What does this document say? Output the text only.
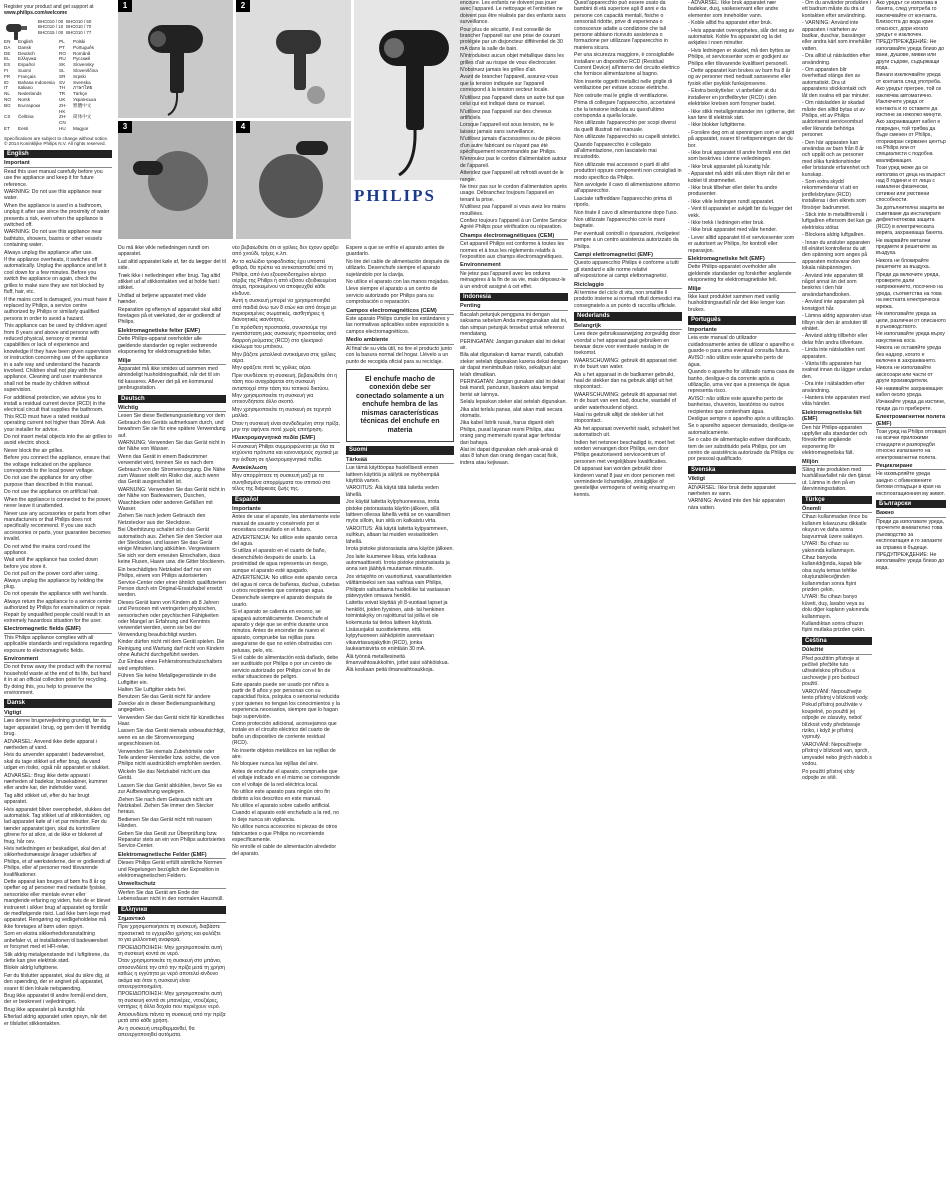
Register your product and get support at
www.philips.com/welcome
BHC010 / 00
BHC010 / 10
BHC015 / 00
BHC010 / 50
BHC010 / 70
BHC010 / 77
EN	English	PL	Polski
DA	Dansk	PT	Português
DE	Deutsch	RO	Română
EL	Ελληνικα	RU	Русский
ES	Español	SK	Slovensky
FI	Suomi	SL	Slovenščina
FR	Français	SR	Srpski
ID	Bahasa Indonesia SV	Svenska
IT	Italiano	TH	ภาษาไทย
NL	Nederlands	TR	Türkçe
NO	Norsk	UK	Українська
BG	Български	ZH-HK
繁體中文
CS	Čeština	ZH-CN
简体中文
ET	Eesti	HU	Magyar
Specifications are subject to change without notice. © 2014 Koninklijke Philips N.V. All rights reserved.
English
Important

Read this user manual carefully before you use the appliance and keep it for future reference.

WARNING: Do not use this appliance near water.

When the appliance is used in a bathroom, unplug it after use since the proximity of water presents a risk, even when the appliance is switched off.

WARNING: Do not use this appliance near bathtubs, showers, basins or other vessels containing water.

Always unplug the appliance after use.

If the appliance overheats, it switches off automatically. Unplug the appliance and let it cool down for a few minutes. Before you switch the appliance on again, check the grilles to make sure they are not blocked by fluff, hair, etc.

If the mains cord is damaged, you must have it replaced by Philips, a service centre authorized by Philips or similarly qualified persons in order to avoid a hazard.

This appliance can be used by children aged from 8 years and above and persons with reduced physical, sensory or mental capabilities or lack of experience and knowledge if they have been given supervision or instruction concerning use of the appliance in a safe way and understand the hazards involved. Children shall not play with the appliance. Cleaning and user maintenance shall not be made by children without supervision.

For additional protection, we advise you to install a residual current device (RCD) in the electrical circuit that supplies the bathroom. This RCD must have a rated residual operating current not higher than 30mA. Ask your installer for advice.

Do not insert metal objects into the air grilles to avoid electric shock.

Never block the air grilles.

Before you connect the appliance, ensure that the voltage indicated on the appliance corresponds to the local power voltage.

Do not use the appliance for any other purpose than described in this manual.

Do not use the appliance on artificial hair.

When the appliance is connected to the power, never leave it unattended.

Never use any accessories or parts from other manufacturers or that Philips does not specifically recommend. If you use such accessories or parts, your guarantee becomes invalid.

Do not wind the mains cord round the appliance.

Wait until the appliance has cooled down before you store it.

Do not pull on the power cord after using. Always unplug the appliance by holding the plug.

Do not operate the appliance with wet hands.

Always return the appliance to a service centre authorized by Philips for examination or repair. Repair by unqualified people could result in an extremely hazardous situation for the user.

Electromagnetic fields (EMF)

This Philips appliance complies with all applicable standards and regulations regarding exposure to electromagnetic fields.

Environment

Do not throw away the product with the normal household waste at the end of its life, but hand it in at an official collection point for recycling. By doing this, you help to preserve the environment.

Dansk
Vigtigt

Læs denne brugervejledning grundigt, før du tager apparatet i brug, og gem den til fremtidig brug.

ADVARSEL: Anvend ikke dette apparat i nærheden af vand.

Hvis du anvender apparatet i badeværelset, skal du tage stikket ud efter brug, da vand udgør en risiko, også når apparatet er slukket.

ADVARSEL: Brug ikke dette apparat i nærheden af badekar, brusekabiner, kummer eller andre kar, der indeholder vand.

Tag altid stikket ud, efter du har brugt apparatet.

Hvis apparatet bliver overophedet, slukkes det automatisk. Tag stikket ud af stikkontakten, og lad apparatet køle af i et par minutter. Før du tænder apparatet igen, skal du kontrollere gitrene for at sikre, at de ikke er blokeret af fnug, hår osv.

Hvis netledningen er beskadiget, skal den af sikkerhedsmæssige årsager udskiftes af Philips, et af værkstederne, der er godkendt af Philips, eller af personer med tilsvarende kvalifikationer.

Dette apparat kan bruges af børn fra 8 år og opefter og af personer med nedsatte fysiske, sensoriske eller mentale evner eller manglende erfaring og viden, hvis de er blevet instrueret i sikker brug af apparatet og forstår de medfølgende risici. Lad ikke børn lege med apparatet. Rengøring og vedligeholdelse må ikke foretages af børn uden opsyn.

Som en ekstra sikkerhedsforanstaltning anbefaler vi, at installationen til badeværelset er forsynet med et HFI-relæ.

Stik aldrig metalgenstande ind i luftgitrene, da dette kan give elektrisk stød.

Blokér aldrig luftgitrene.

Før du tilslutter apparatet, skal du sikre dig, at den spænding, der er angivet på apparatet, svarer til den lokale netspænding.

Brug ikke apparatet til andre formål end dem, der er beskrevet i vejledningen.

Brug ikke apparatet på kunstigt hår.

Efterlad aldrig apparatet uden opsyn, når det er tilsluttet stikkontakten.

1	2
3	4
PHILIPS

Du må ikke vikle netledningen rundt om apparatet.

Lad altid apparatet køle af, før du lægger det til side.

Træk ikke i netledningen efter brug. Tag altid stikket ud af stikkontakten ved at holde fast i stikket.

Undlad at betjene apparatet med våde hænder.

Reparation og eftersyn af apparatet skal altid foretages på et værksted, der er godkendt af Philips.

Elektromagnetiske felter (EMF)

Dette Philips-apparat overholder alle gældende standarder og regler vedrørende eksponering for elektromagnetiske felter.

Miljø

Apparatet må ikke smides ud sammen med almindeligt husholdningsaffald, når det til sin tid kasseres. Aflever det på en kommunal genbrugsstation.

Deutsch
Wichtig

Lesen Sie diese Bedienungsanleitung vor dem Gebrauch des Geräts aufmerksam durch, und bewahren Sie sie für eine spätere Verwendung auf.

WARNUNG: Verwenden Sie das Gerät nicht in der Nähe von Wasser.

Wenn das Gerät in einem Badezimmer verwendet wird, trennen Sie es nach dem Gebrauch von der Stromversorgung. Die Nähe zum Wasser stellt ein Risiko dar, auch wenn das Gerät ausgeschaltet ist.

WARNUNG: Verwenden Sie das Gerät nicht in der Nähe von Badewannen, Duschen, Waschbecken oder anderen Gefäßen mit Wasser.

Ziehen Sie nach jedem Gebrauch den Netzstecker aus der Steckdose.

Bei Überhitzung schaltet sich das Gerät automatisch aus. Ziehen Sie den Stecker aus der Steckdose, und lassen Sie das Gerät einige Minuten lang abkühlen. Vergewissern Sie sich vor dem erneuten Einschalten, dass keine Flusen, Haare usw. die Gitter blockieren.

Ein beschädigtes Netzkabel darf nur von Philips, einem von Philips autorisierten Service-Center oder einer ähnlich qualifizierten Person durch ein Original-Ersatzkabel ersetzt werden.

Dieses Gerät kann von Kindern ab 8 Jahren und Personen mit verringerten physischen, sensorischen oder psychischen Fähigkeiten oder Mangel an Erfahrung und Kenntnis verwendet werden, wenn sie bei der Verwendung beaufsichtigt wurden.

Kinder dürfen nicht mit dem Gerät spielen. Die Reinigung und Wartung darf nicht von Kindern ohne Aufsicht durchgeführt werden.

Zur Einbau eines Fehlerstromschutzschalters wird empfohlen.

Führen Sie keine Metallgegenstände in die Luftgitter ein.

Halten Sie Luftgitter stets frei.

Benutzen Sie das Gerät nicht für andere Zwecke als in dieser Bedienungsanleitung angegeben.

Verwenden Sie das Gerät nicht für künstliches Haar.

Lassen Sie das Gerät niemals unbeaufsichtigt, wenn es an die Stromversorgung angeschlossen ist.

Verwenden Sie niemals Zubehörteile oder Teile anderer Hersteller bzw. solche, die von Philips nicht ausdrücklich empfohlen werden.

Wickeln Sie das Netzkabel nicht um das Gerät.

Lassen Sie das Gerät abkühlen, bevor Sie es zur Aufbewahrung weglegen.

Ziehen Sie nach dem Gebrauch nicht am Netzkabel. Ziehen Sie immer den Stecker heraus.

Bedienen Sie das Gerät nicht mit nassen Händen.

Geben Sie das Gerät zur Überprüfung bzw. Reparatur stets an ein von Philips autorisiertes Service-Center.

Elektromagnetische Felder (EMF)

Dieses Philips Gerät erfüllt sämtliche Normen und Regelungen bezüglich der Exposition in elektromagnetischen Feldern.

Umweltschutz

Werfen Sie das Gerät am Ende der Lebensdauer nicht in den normalen Hausmüll.

Ελληνικα
Σημαντικό

Πριν χρησιμοποιήσετε τη συσκευή, διαβάστε προσεκτικά το εγχειρίδιο χρήσης και φυλάξτε το για μελλοντική αναφορά.

ΠΡΟΕΙΔΟΠΟΙΗΣΗ: Μην χρησιμοποιείτε αυτή τη συσκευή κοντά σε νερό.

Όταν χρησιμοποιείτε τη συσκευή στο μπάνιο, αποσυνδέετέ την από την πρίζα μετά τη χρήση καθώς η εγγύτητα με νερό αποτελεί κίνδυνο ακόμα και όταν η συσκευή είναι απενεργοποιημένη.

ΠΡΟΕΙΔΟΠΟΙΗΣΗ: Μην χρησιμοποιείτε αυτή τη συσκευή κοντά σε μπανιέρες, ντουζιέρες, νιπτήρες ή άλλα δοχεία που περιέχουν νερό.

Αποσυνδέετε πάντα τη συσκευή από την πρίζα μετά από κάθε χρήση.

Αν η συσκευή υπερθερμανθεί, θα απενεργοποιηθεί αυτόματα.

νέο βεβαιωθείτε ότι οι γρίλιες δεν έχουν φράξει από χνούδι, τρίχες κ.λπ.

Αν το καλώδιο τροφοδοσίας έχει υποστεί φθορά, θα πρέπει να αντικατασταθεί από τη Philips, από ένα εξουσιοδοτημένο κέντρο σέρβις της Philips ή από εξίσου εξειδικευμένα άτομα, προκειμένου να αποφευχθεί κάθε κίνδυνο.

Αυτή η συσκευή μπορεί να χρησιμοποιηθεί από παιδιά άνω των 8 ετών και από άτομα με περιορισμένες σωματικές, αισθητήριες ή διανοητικές ικανότητες.

Για πρόσθετη προστασία, συνιστούμε την εγκατάσταση μιας συσκευής προστασίας από διαρροή ρεύματος (RCD) στο ηλεκτρικό κύκλωμα του μπάνιου.

Μην βάζετε μεταλλικά αντικείμενα στις γρίλιες αέρα.

Μην φράζετε ποτέ τις γρίλιες αέρα.

Πριν συνδέσετε τη συσκευή, βεβαιωθείτε ότι η τάση που αναγράφεται στη συσκευή αντιστοιχεί στην τάση του τοπικού δικτύου.

Μην χρησιμοποιείτε τη συσκευή για οποιονδήποτε άλλο σκοπό.

Μην χρησιμοποιείτε τη συσκευή σε τεχνητά μαλλιά.

Όταν η συσκευή είναι συνδεδεμένη στην πρίζα, μην την αφήνετε ποτέ χωρίς επιτήρηση.

Ηλεκτρομαγνητικά πεδία (EMF)

Η συσκευή Philips συμμορφώνεται με όλα τα ισχύοντα πρότυπα και κανονισμούς σχετικά με την έκθεση σε ηλεκτρομαγνητικά πεδία.

Ανακύκλωση

Μην απορρίπτετε τη συσκευή μαζί με τα συνηθισμένα απορρίμματα του σπιτιού στο τέλος της διάρκειας ζωής της.

Español
Importante

Antes de usar el aparato, lea atentamente este manual de usuario y consérvelo por si necesitara consultarlo en el futuro.

ADVERTENCIA: No utilice este aparato cerca del agua.

Si utiliza el aparato en el cuarto de baño, desenchúfelo después de usarlo. La proximidad de agua representa un riesgo, aunque el aparato esté apagado.

ADVERTENCIA: No utilice este aparato cerca del agua ni cerca de bañeras, duchas, cubetas u otros recipientes que contengan agua.

Desenchufe siempre el aparato después de usarlo.

Si el aparato se calienta en exceso, se apagará automáticamente. Desenchufe el aparato y deje que se enfríe durante unos minutos. Antes de encender de nuevo el aparato, compruebe las rejillas para asegurarse de que no estén obstruidas con pelusas, pelo, etc.

Si el cable de alimentación está dañado, debe ser sustituido por Philips o por un centro de servicio autorizado por Philips con el fin de evitar situaciones de peligro.

Este aparato puede ser usado por niños a partir de 8 años y por personas con su capacidad física, psíquica o sensorial reducida y por quienes no tengan los conocimientos y la experiencia necesarios, siempre que lo hagan bajo supervisión.

Como protección adicional, aconsejamos que instale en el circuito eléctrico del cuarto de baño un dispositivo de corriente residual (RCD).

No inserte objetos metálicos en las rejillas de aire.

No bloquee nunca las rejillas del aire.

Antes de enchufar el aparato, compruebe que el voltaje indicado en el mismo se corresponde con el voltaje de la red eléctrica local.

No utilice este aparato para ningún otro fin distinto a los descritos en este manual.

No utilice el aparato sobre cabello artificial.

Cuando el aparato esté enchufado a la red, no lo deje nunca sin vigilancia.

No utilice nunca accesorios ni piezas de otros fabricantes o que Philips no recomiende específicamente.

No enrolle el cable de alimentación alrededor del aparato.

Espere a que se enfríe el aparato antes de guardarlo.

No tire del cable de alimentación después de utilizarlo. Desenchufe siempre el aparato sujetándolo por la clavija.

No utilice el aparato con las manos mojadas.

Lleve siempre el aparato a un centro de servicio autorizado por Philips para su comprobación o reparación.

Campos electromagnéticos (CEM)

Este aparato Philips cumple los estándares y las normativas aplicables sobre exposición a campos electromagnéticos.

Medio ambiente

Al final de su vida útil, no tire el producto junto con la basura normal del hogar. Llévelo a un punto de recogida oficial para su reciclaje.

El enchufe macho de conexión debe ser conectado solamente a un enchufe hembra de las mismas características técnicas del enchufe en materia
Suomi
Tärkeää

Lue tämä käyttöopas huolellisesti ennen laitteen käyttöä ja säilytä se myöhempää käyttöä varten.

VAROITUS: Älä käytä tätä laitetta veden lähellä.

Jos käytät laitetta kylpyhuoneessa, irrota pistoke pistorasiasta käytön jälkeen, sillä laitteen ollessa lähellä vettä se on vaarallinen myös silloin, kun siitä on katkaistu virta.

VAROITUS: Älä käytä laitetta kylpyammeen, suihkun, altaan tai muiden vesiastioiden lähellä.

Irrota pistoke pistorasiasta aina käytön jälkeen.

Jos laite kuumenee liikaa, virta katkeaa automaattisesti. Irrota pistoke pistorasiasta ja anna sen jäähtyä muutaman minuutin.

Jos virtajohto on vaurioitunut, vaaratilanteiden välttämiseksi sen saa vaihtaa vain Philips, Philipsin valtuuttama huoltoliike tai vastaavan pätevyyden omaava henkilö.

Laitetta voivat käyttää yli 8-vuotiaat lapset ja henkilöt, joiden fyysinen, aisti- tai henkinen toimintakyky on rajoittunut tai joilla ei ole kokemusta tai tietoa laitteen käytöstä.

Lisäsuojaksi suosittelemme, että kylpyhuoneen sähköpiiriin asennetaan vikavirtasuojakytkin (RCD), jonka laukeamisvirta on enintään 30 mA.

Älä työnnä metalliesineitä ilmanvaihtoaukkoihin, jottet saisi sähköiskua.

Älä koskaan peitä ilmanvaihtoaukkoja.

encoure. Les enfants ne doivent pas jouer avec l'appareil. Le nettoyage et l'entretien ne doivent pas être réalisés par des enfants sans surveillance.

Pour plus de sécurité, il est conseillé de brancher l'appareil sur une prise de courant protégée par un disjoncteur différentiel de 30 mA dans la salle de bain.

N'introduisez aucun objet métallique dans les grilles d'air au risque de vous électrocuter.

N'obstruez jamais les grilles d'air.

Avant de brancher l'appareil, assurez-vous que la tension indiquée sur l'appareil correspond à la tension secteur locale.

N'utilisez pas l'appareil dans un autre but que celui qui est indiqué dans ce manuel.

N'utilisez pas l'appareil sur des cheveux artificiels.

Lorsque l'appareil est sous tension, ne le laissez jamais sans surveillance.

N'utilisez jamais d'accessoires ou de pièces d'un autre fabricant ou n'ayant pas été spécifiquement recommandés par Philips.

N'enroulez pas le cordon d'alimentation autour de l'appareil.

Attendez que l'appareil ait refroidi avant de le ranger.

Ne tirez pas sur le cordon d'alimentation après usage. Débranchez toujours l'appareil en tenant la prise.

N'utilisez pas l'appareil si vous avez les mains mouillées.

Confiez toujours l'appareil à un Centre Service Agréé Philips pour vérification ou réparation.

Champs électromagnétiques (CEM)

Cet appareil Philips est conforme à toutes les normes et à tous les règlements relatifs à l'exposition aux champs électromagnétiques.

Environnement

Ne jetez pas l'appareil avec les ordures ménagères à la fin de sa vie, mais déposez-le à un endroit assigné à cet effet.

Indonesia
Penting

Bacalah petunjuk pengguna ini dengan saksama sebelum Anda menggunakan alat ini, dan simpan petunjuk tersebut untuk referensi mendatang.

PERINGATAN: Jangan gunakan alat ini dekat air.

Bila alat digunakan di kamar mandi, cabutlah steker setelah digunakan karena dekat dengan air dapat menimbulkan risiko, sekalipun alat telah dimatikan.

PERINGATAN: Jangan gunakan alat ini dekat bak mandi, pancuran, baskom atau tempat berisi air lainnya.

Selalu lepaskan steker alat setelah digunakan.

Jika alat terlalu panas, alat akan mati secara otomatis.

Jika kabel listrik rusak, harus diganti oleh Philips, pusat layanan resmi Philips, atau orang yang memenuhi syarat agar terhindar dari bahaya.

Alat ini dapat digunakan oleh anak-anak di atas 8 tahun dan orang dengan cacat fisik, indera atau kejiwaan.

Quest'apparecchio può essere usato da bambini di età superiore agli 8 anni e da persone con capacità mentali, fisiche o sensoriali ridotte, prive di esperienza o conoscenze adatte a condizione che tali persone abbiano ricevuto assistenza o formazione per utilizzare l'apparecchio in maniera sicura.

Per una sicurezza maggiore, è consigliabile installare un dispositivo RCD (Residual Current Device) all'interno del circuito elettrico che fornisce alimentazione al bagno.

Non inserite oggetti metallici nelle griglie di ventilazione per evitare scosse elettriche.

Non ostruite mai le griglie di ventilazione.

Prima di collegare l'apparecchio, accertatevi che la tensione indicata su quest'ultimo corrisponda a quella locale.

Non utilizzate l'apparecchio per scopi diversi da quelli illustrati nel manuale.

Non utilizzate l'apparecchio su capelli sintetici.

Quando l'apparecchio è collegato all'alimentazione, non lasciatelo mai incustodito.

Non utilizzate mai accessori o parti di altri produttori oppure componenti non consigliati in modo specifico da Philips.

Non avvolgete il cavo di alimentazione attorno all'apparecchio.

Lasciate raffreddare l'apparecchio prima di riporlo.

Non tirate il cavo di alimentazione dopo l'uso.

Non utilizzate l'apparecchio con le mani bagnate.

Per eventuali controlli o riparazioni, rivolgetevi sempre a un centro assistenza autorizzato da Philips.

Campi elettromagnetici (EMF)

Questo apparecchio Philips è conforme a tutti gli standard e alle norme relativi all'esposizione ai campi elettromagnetici.

Riciclaggio

Al termine del ciclo di vita, non smaltite il prodotto insieme ai normali rifiuti domestici ma consegnatelo a un punto di raccolta ufficiale.

Nederlands
Belangrijk

Lees deze gebruiksaanwijzing zorgvuldig door voordat u het apparaat gaat gebruiken en bewaar deze voor eventuele naslag in de toekomst.

WAARSCHUWING: gebruik dit apparaat niet in de buurt van water.

Als u het apparaat in de badkamer gebruikt, haal de stekker dan na gebruik altijd uit het stopcontact.

WAARSCHUWING: gebruik dit apparaat niet in de buurt van een bad, douche, wastafel of ander waterhoudend object.

Haal na gebruik altijd de stekker uit het stopcontact.

Als het apparaat oververhit raakt, schakelt het automatisch uit.

Indien het netsnoer beschadigd is, moet het worden vervangen door Philips, een door Philips geautoriseerd servicecentrum of personen met vergelijkbare kwalificaties.

Dit apparaat kan worden gebruikt door kinderen vanaf 8 jaar en door personen met verminderde lichamelijke, zintuiglijke of geestelijke vermogens of weinig ervaring en kennis.

- ADVARSEL: Ikke bruk apparatet nær badekar, dusj, vaskeservant eller andre elementer som inneholder vann.

- Koble alltid fra apparatet etter bruk.

- Hvis apparatet overopphetes, slår det seg av automatisk. Koble fra apparatet og la det avkjøles i noen minutter.

- Hvis ledningen er skadet, må den byttes av Philips, et servicesenter som er godkjent av Philips eller tilsvarende kvalifisert personell.

- Dette apparatet kan brukes av barn fra 8 år og av personer med nedsatt sanseevne eller fysisk eller psykisk funksjonsevne.

- Ekstra beskyttelse: vi anbefaler at du installerer en jordfeilbryter (RCD) i den elektriske kretsen som forsyner badet.

- Ikke stikk metallgjenstander inn i gitterne, det kan føre til elektrisk støt.

- Ikke blokker luftgitterne.

- Forsikre deg om at spenningen som er angitt på apparatet, svarer til nettspenningen der du bor.

- Ikke bruk apparatet til andre formål enn det som beskrives i denne veiledningen.

- Ikke bruk apparatet på kunstig hår.

- Apparatet må aldri stå uten tilsyn når det er koblet til strømnettet.

- Ikke bruk tilbehør eller deler fra andre produsenter.

- Ikke vikle ledningen rundt apparatet.

- Vent til apparatet er avkjølt før du legger det vekk.

- Ikke trekk i ledningen etter bruk.

- Ikke bruk apparatet med våte hender.

- Lever alltid apparatet til et servicesenter som er autorisert av Philips, for kontroll eller reparasjon.

Elektromagnetiske felt (EMF)

Dette Philips-apparatet overholder alle gjeldende standarder og forskrifter angående eksponering for elektromagnetiske felt.

Miljø

Ikke kast produktet sammen med vanlig husholdningsavfall når det ikke lenger kan brukes.

Português
Importante

Leia este manual do utilizador cuidadosamente antes de utilizar o aparelho e guarde-o para uma eventual consulta futura.

AVISO: não utilize este aparelho perto de água.

Quando o aparelho for utilizado numa casa de banho, desligue-o da corrente após a utilização, uma vez que a presença de água representa risco.

AVISO: não utilize este aparelho perto de banheiras, chuveiros, lavatórios ou outros recipientes que contenham água.

Desligue sempre o aparelho após a utilização.

Se o aparelho aquecer demasiado, desliga-se automaticamente.

Se o cabo de alimentação estiver danificado, tem de ser substituído pela Philips, por um centro de assistência autorizado da Philips ou por pessoal qualificado.

Svenska
Viktigt

ADVARSEL: Ikke bruk dette apparatet nærheten av vann.

VARNING: Använd inte den här apparaten nära vatten.

- Om du använder produkten i ett badrum måste du dra ut kontakten efter användning.

- VARNING: Använd inte apparaten i närheten av badkar, duschar, bassänger eller andra kärl som innehåller vatten.

- Dra alltid ut nätsladden efter användning.

- Om apparaten blir överhettad stängs den av automatiskt. Dra ut apparatens stickkontakt och låt den svalna ett par minuter.

- Om nätsladden är skadad måste den alltid bytas ut av Philips, ett av Philips auktoriserat serviceombud eller liknande behöriga personer.

- Den här apparaten kan användas av barn från 8 år och uppåt och av personer med olika funktionshinder eller bristande erfarenhet och kunskap.

- Som extra skydd rekommenderar vi att en jordfelsbrytare (RCD) installeras i den elkrets som försörjer badrummet.

- Stick inte in metallföremål i luftgallren eftersom det kan ge elektriska stötar.

- Blockera aldrig luftgallren.

- Innan du ansluter apparaten till elnätet kontrollerar du att den spänning som anges på apparaten motsvarar den lokala nätspänningen.

- Använd inte apparaten till något annat än det som beskrivs i den här användarhandboken.

- Använd inte apparaten på konstgjort hår.

- Lämna aldrig apparaten utan tillsyn när den är ansluten till elnätet.

- Använd aldrig tillbehör eller delar från andra tillverkare.

- Linda inte nätsladden runt apparaten.

- Vänta tills apparaten har svalnat innan du lägger undan den.

- Dra inte i nätsladden efter användning.

- Hantera inte apparaten med våta händer.

Elektromagnetiska fält (EMF)

Den här Philips-apparaten uppfyller alla standarder och föreskrifter angående exponering för elektromagnetiska fält.

Miljön

Släng inte produkten med hushållsavfallet när den tjänat ut. Lämna in den på en återvinningsstation.

Türkçe
Önemli

Cihazı kullanmadan önce bu kullanım kılavuzunu dikkatle okuyun ve daha sonra başvurmak üzere saklayın.

UYARI: Bu cihazı su yakınında kullanmayın.

Cihaz banyoda kullanıldığında, kapalı bile olsa suyla temas tehlike oluşturabileceğinden kullanımdan sonra fişini prizden çekin.

UYARI: Bu cihazı banyo küveti, duş, lavabo veya su dolu diğer kapların yakınında kullanmayın.

Kullandıktan sonra cihazın fişini mutlaka prizden çekin.

Čeština
Důležité

Před použitím přístroje si pečlivě přečtěte tuto uživatelskou příručku a uschovejte ji pro budoucí použití.

VAROVÁNÍ: Nepoužívejte tento přístroj v blízkosti vody.

Pokud přístroj používáte v koupelně, po použití jej odpojte ze zásuvky, neboť blízkost vody představuje riziko, i když je přístroj vypnutý.

VAROVÁNÍ: Nepoužívejte přístroj v blízkosti van, sprch, umyvadel nebo jiných nádob s vodou.

Po použití přístroj vždy odpojte ze sítě.

Ако уредът се използва в банята, след употреба го изключвайте от контакта. Близостта до вода крие опасност, дори когато уредът е изключен.

ПРЕДУПРЕЖДЕНИЕ: Не използвайте уреда близо до вани, душове, мивки или други съдове, съдържащи вода.

Винаги изключвайте уреда от контакта след употреба.

Ако уредът прегрее, той се изключва автоматично. Изключете уреда от контакта и го оставете да изстине за няколко минути.

Ако захранващият кабел е повреден, той трябва да бъде сменен от Philips, оторизиран сервизен център на Philips или от специалисти с подобна квалификация.

Този уред може да се използва от деца на възраст над 8 години и от лица с намалени физически, сетивни или умствени способности.

За допълнителна защита ви съветваме да инсталирате дефектнотокова защита (RCD) в електрическата верига, захранваща банята.

Не вкарвайте метални предмети в решетките за въздуха.

Никога не блокирайте решетките за въздуха.

Преди да включите уреда, проверете дали напрежението, посочено на уреда, съответства на това на местната електрическа мрежа.

Не използвайте уреда за цели, различни от описаното в ръководството.

Не използвайте уреда върху изкуствена коса.

Никога не оставяйте уреда без надзор, когато е включен в захранването.

Никога не използвайте аксесоари или части от други производители.

Не навивайте захранващия кабел около уреда.

Изчакайте уреда да изстине, преди да го приберете.

Електромагнитни полета (EMF)

Този уред на Philips отговаря на всички приложими стандарти и разпоредби относно излагането на електромагнитни полета.

Рециклиране

Не изхвърляйте уреда заедно с обикновените битови отпадъци в края на експлоатационния му живот.

Български
Важно

Преди да използвате уреда, прочетете внимателно това ръководство за експлоатация и го запазете за справка в бъдеще.

ПРЕДУПРЕЖДЕНИЕ: Не използвайте уреда близо до вода.
